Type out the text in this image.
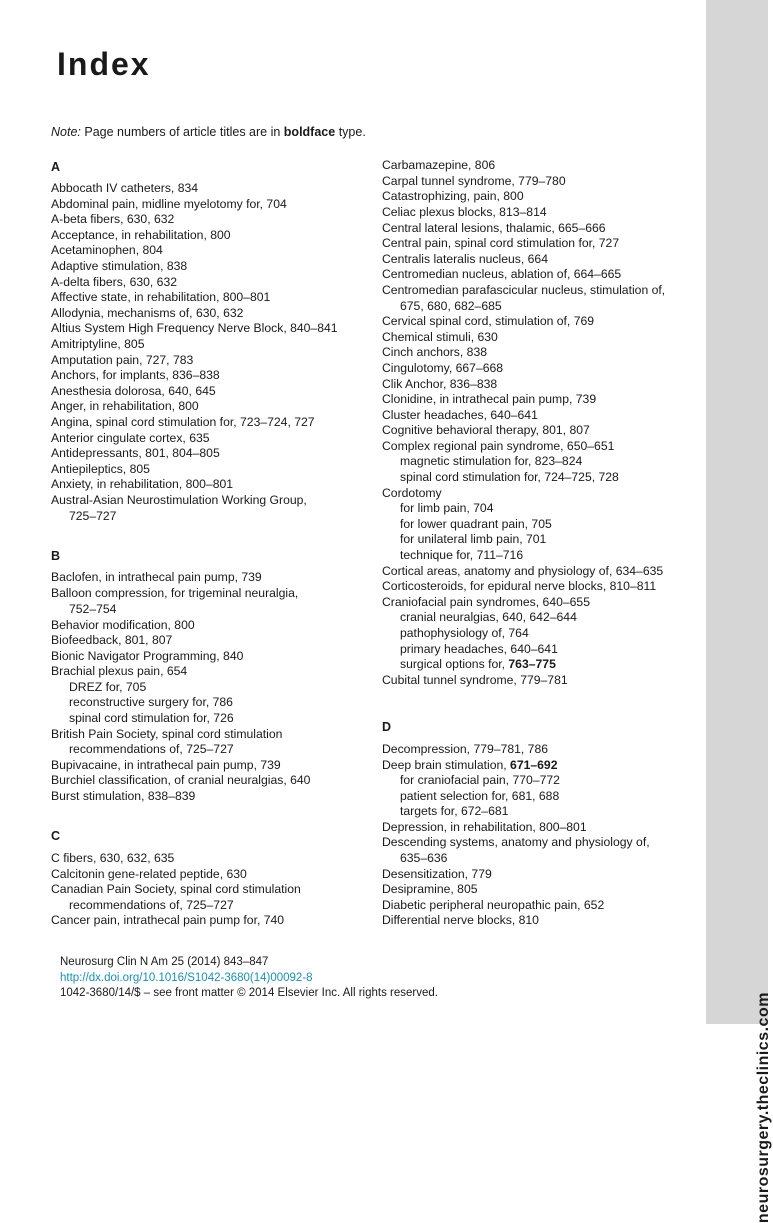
Index
Note: Page numbers of article titles are in boldface type.
A
Abbocath IV catheters, 834
Abdominal pain, midline myelotomy for, 704
A-beta fibers, 630, 632
Acceptance, in rehabilitation, 800
Acetaminophen, 804
Adaptive stimulation, 838
A-delta fibers, 630, 632
Affective state, in rehabilitation, 800–801
Allodynia, mechanisms of, 630, 632
Altius System High Frequency Nerve Block, 840–841
Amitriptyline, 805
Amputation pain, 727, 783
Anchors, for implants, 836–838
Anesthesia dolorosa, 640, 645
Anger, in rehabilitation, 800
Angina, spinal cord stimulation for, 723–724, 727
Anterior cingulate cortex, 635
Antidepressants, 801, 804–805
Antiepileptics, 805
Anxiety, in rehabilitation, 800–801
Austral-Asian Neurostimulation Working Group,
725–727
B
Baclofen, in intrathecal pain pump, 739
Balloon compression, for trigeminal neuralgia,
752–754
Behavior modification, 800
Biofeedback, 801, 807
Bionic Navigator Programming, 840
Brachial plexus pain, 654
DREZ for, 705
reconstructive surgery for, 786
spinal cord stimulation for, 726
British Pain Society, spinal cord stimulation
recommendations of, 725–727
Bupivacaine, in intrathecal pain pump, 739
Burchiel classification, of cranial neuralgias, 640
Burst stimulation, 838–839
C
C fibers, 630, 632, 635
Calcitonin gene-related peptide, 630
Canadian Pain Society, spinal cord stimulation
recommendations of, 725–727
Cancer pain, intrathecal pain pump for, 740
Carbamazepine, 806
Carpal tunnel syndrome, 779–780
Catastrophizing, pain, 800
Celiac plexus blocks, 813–814
Central lateral lesions, thalamic, 665–666
Central pain, spinal cord stimulation for, 727
Centralis lateralis nucleus, 664
Centromedian nucleus, ablation of, 664–665
Centromedian parafascicular nucleus, stimulation of,
675, 680, 682–685
Cervical spinal cord, stimulation of, 769
Chemical stimuli, 630
Cinch anchors, 838
Cingulotomy, 667–668
Clik Anchor, 836–838
Clonidine, in intrathecal pain pump, 739
Cluster headaches, 640–641
Cognitive behavioral therapy, 801, 807
Complex regional pain syndrome, 650–651
magnetic stimulation for, 823–824
spinal cord stimulation for, 724–725, 728
Cordotomy
for limb pain, 704
for lower quadrant pain, 705
for unilateral limb pain, 701
technique for, 711–716
Cortical areas, anatomy and physiology of, 634–635
Corticosteroids, for epidural nerve blocks, 810–811
Craniofacial pain syndromes, 640–655
cranial neuralgias, 640, 642–644
pathophysiology of, 764
primary headaches, 640–641
surgical options for, 763–775
Cubital tunnel syndrome, 779–781
D
Decompression, 779–781, 786
Deep brain stimulation, 671–692
for craniofacial pain, 770–772
patient selection for, 681, 688
targets for, 672–681
Depression, in rehabilitation, 800–801
Descending systems, anatomy and physiology of,
635–636
Desensitization, 779
Desipramine, 805
Diabetic peripheral neuropathic pain, 652
Differential nerve blocks, 810
Neurosurg Clin N Am 25 (2014) 843–847
http://dx.doi.org/10.1016/S1042-3680(14)00092-8
1042-3680/14/$ – see front matter © 2014 Elsevier Inc. All rights reserved.	neurosurgery.theclinics.com
